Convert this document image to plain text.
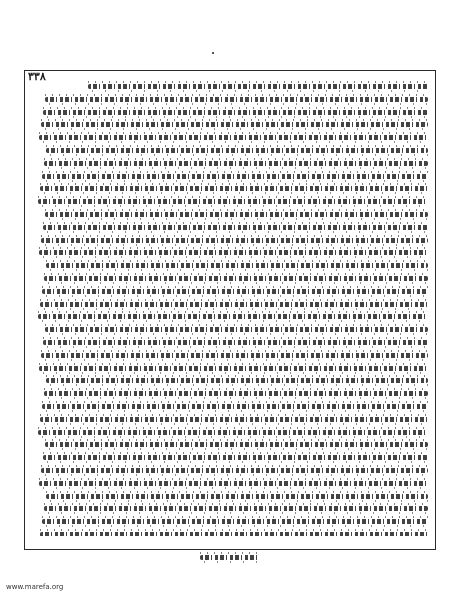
٣٣٨
www.marefa.org
